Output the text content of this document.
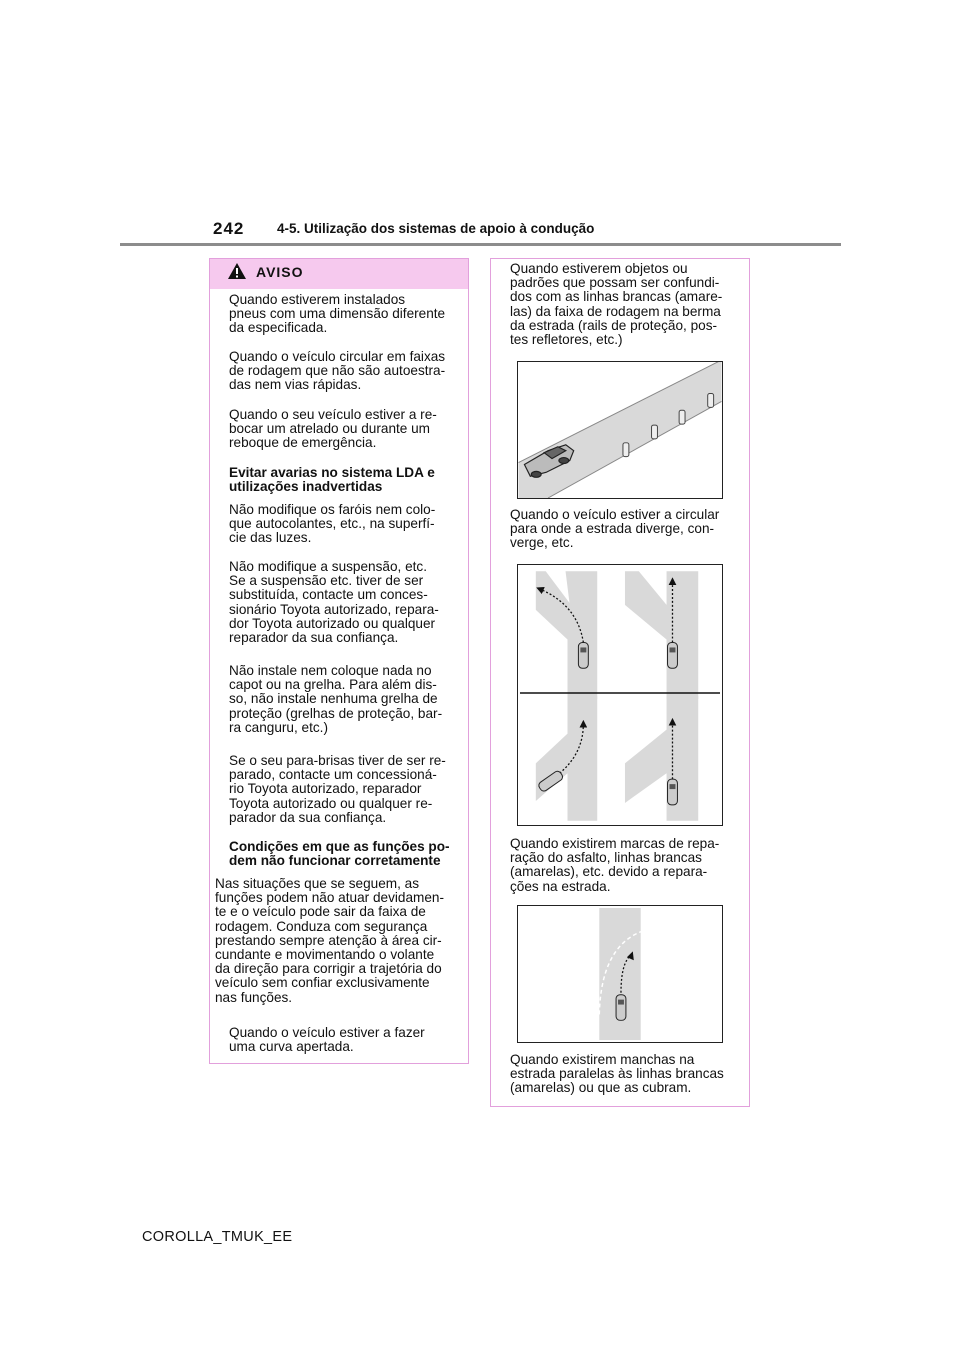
242 4-5. Utilização dos sistemas de apoio à condução
AVISO
Quando estiverem instalados
pneus com uma dimensão diferente
da especificada.
Quando o veículo circular em faixas
de rodagem que não são autoestra-
das nem vias rápidas.
Quando o seu veículo estiver a re-
bocar um atrelado ou durante um
reboque de emergência.
Evitar avarias no sistema LDA e
utilizações inadvertidas
Não modifique os faróis nem colo-
que autocolantes, etc., na superfí-
cie das luzes.
Não modifique a suspensão, etc.
Se a suspensão etc. tiver de ser
substituída, contacte um conces-
sionário Toyota autorizado, repara-
dor Toyota autorizado ou qualquer
reparador da sua confiança.
Não instale nem coloque nada no
capot ou na grelha. Para além dis-
so, não instale nenhuma grelha de
proteção (grelhas de proteção, bar-
ra canguru, etc.)
Se o seu para-brisas tiver de ser re-
parado, contacte um concessioná-
rio Toyota autorizado, reparador
Toyota autorizado ou qualquer re-
parador da sua confiança.
Condições em que as funções po-
dem não funcionar corretamente
Nas situações que se seguem, as
funções podem não atuar devidamen-
te e o veículo pode sair da faixa de
rodagem. Conduza com segurança
prestando sempre atenção à área cir-
cundante e movimentando o volante
da direção para corrigir a trajetória do
veículo sem confiar exclusivamente
nas funções.
Quando o veículo estiver a fazer
uma curva apertada.
Quando estiverem objetos ou
padrões que possam ser confundi-
dos com as linhas brancas (amare-
las) da faixa de rodagem na berma
da estrada (rails de proteção, pos-
tes refletores, etc.)
Quando o veículo estiver a circular
para onde a estrada diverge, con-
verge, etc.
Quando existirem marcas de repa-
ração do asfalto, linhas brancas
(amarelas), etc. devido a repara-
ções na estrada.
Quando existirem manchas na
estrada paralelas às linhas brancas
(amarelas) ou que as cubram.
COROLLA_TMUK_EE
